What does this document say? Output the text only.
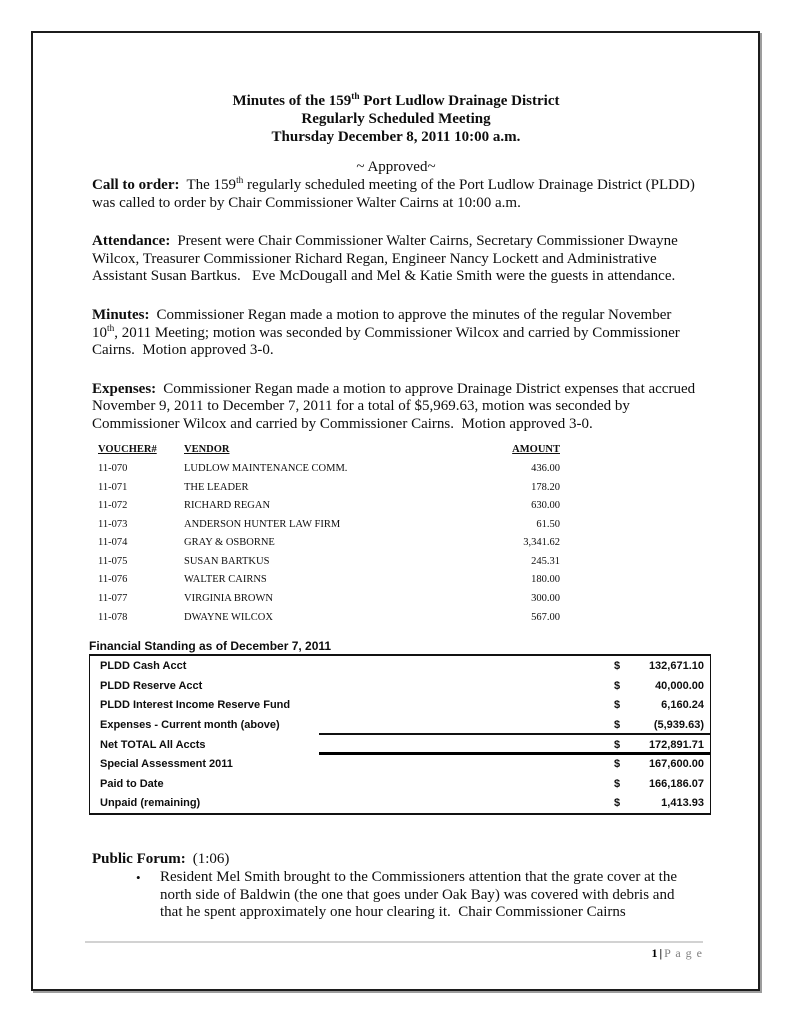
Minutes of the 159th Port Ludlow Drainage District
Regularly Scheduled Meeting
Thursday December 8, 2011 10:00 a.m.
~ Approved~
Call to order: The 159th regularly scheduled meeting of the Port Ludlow Drainage District (PLDD) was called to order by Chair Commissioner Walter Cairns at 10:00 a.m.
Attendance: Present were Chair Commissioner Walter Cairns, Secretary Commissioner Dwayne Wilcox, Treasurer Commissioner Richard Regan, Engineer Nancy Lockett and Administrative Assistant Susan Bartkus.   Eve McDougall and Mel & Katie Smith were the guests in attendance.
Minutes: Commissioner Regan made a motion to approve the minutes of the regular November 10th, 2011 Meeting; motion was seconded by Commissioner Wilcox and carried by Commissioner Cairns.  Motion approved 3-0.
Expenses: Commissioner Regan made a motion to approve Drainage District expenses that accrued November 9, 2011 to December 7, 2011 for a total of $5,969.63, motion was seconded by Commissioner Wilcox and carried by Commissioner Cairns.  Motion approved 3-0.
VOUCHER#	VENDOR	AMOUNT
11-070	LUDLOW MAINTENANCE COMM.	436.00
11-071	THE LEADER	178.20
11-072	RICHARD REGAN	630.00
11-073	ANDERSON HUNTER LAW FIRM	61.50
11-074	GRAY & OSBORNE	3,341.62
11-075	SUSAN BARTKUS	245.31
11-076	WALTER CAIRNS	180.00
11-077	VIRGINIA BROWN	300.00
11-078	DWAYNE WILCOX	567.00
Financial Standing as of December 7, 2011
PLDD Cash Acct	$	132,671.10
PLDD Reserve Acct	$	40,000.00
PLDD Interest Income Reserve Fund	$	6,160.24
Expenses - Current month (above)	$	(5,939.63)
Net TOTAL All Accts	$	172,891.71
Special Assessment 2011	$	167,600.00
Paid to Date	$	166,186.07
Unpaid (remaining)	$	1,413.93
Public Forum: (1:06)
•	Resident Mel Smith brought to the Commissioners attention that the grate cover at the north side of Baldwin (the one that goes under Oak Bay) was covered with debris and that he spent approximately one hour clearing it.  Chair Commissioner Cairns
1 | P a g e
